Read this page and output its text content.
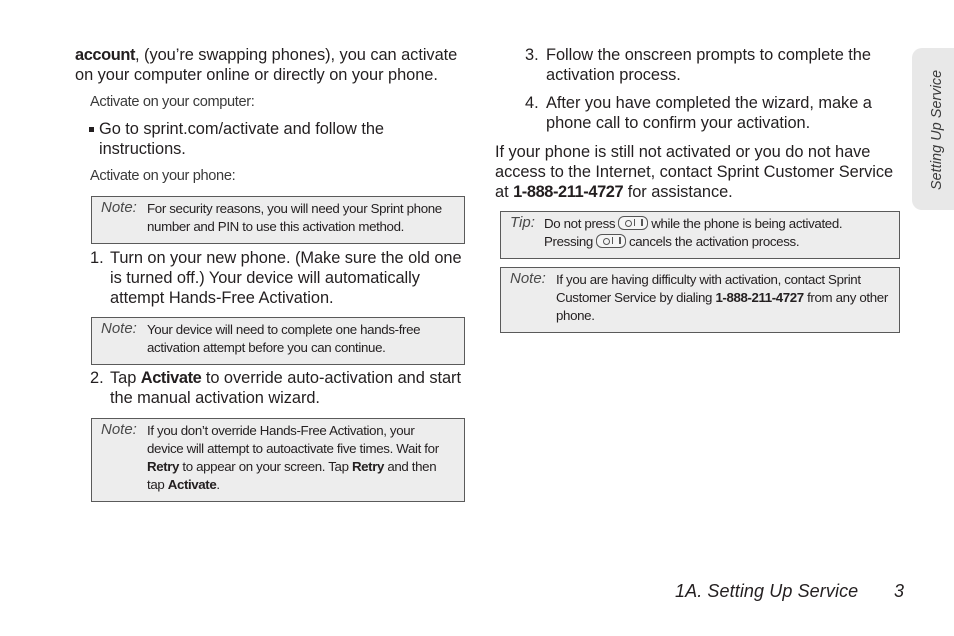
account, (you’re swapping phones), you can activate on your computer online or directly on your phone.

Activate on your computer:

Go to sprint.com/activate and follow the instructions.

Activate on your phone:

Note: For security reasons, you will need your Sprint phone number and PIN to use this activation method.

1. Turn on your new phone. (Make sure the old one is turned off.) Your device will automatically attempt Hands-Free Activation.

Note: Your device will need to complete one hands-free activation attempt before you can continue.

2. Tap Activate to override auto-activation and start the manual activation wizard.

Note: If you don’t override Hands-Free Activation, your device will attempt to autoactivate five times. Wait for Retry to appear on your screen. Tap Retry and then tap Activate.

3. Follow the onscreen prompts to complete the activation process.

4. After you have completed the wizard, make a phone call to confirm your activation.

If your phone is still not activated or you do not have access to the Internet, contact Sprint Customer Service at 1-888-211-4727 for assistance.

Tip: Do not press	while the phone is being activated. Pressing	cancels the activation process.
Note: If you are having difficulty with activation, contact Sprint Customer Service by dialing 1-888-211-4727 from any other phone.
Setting Up Service
1A. Setting Up Service 3
